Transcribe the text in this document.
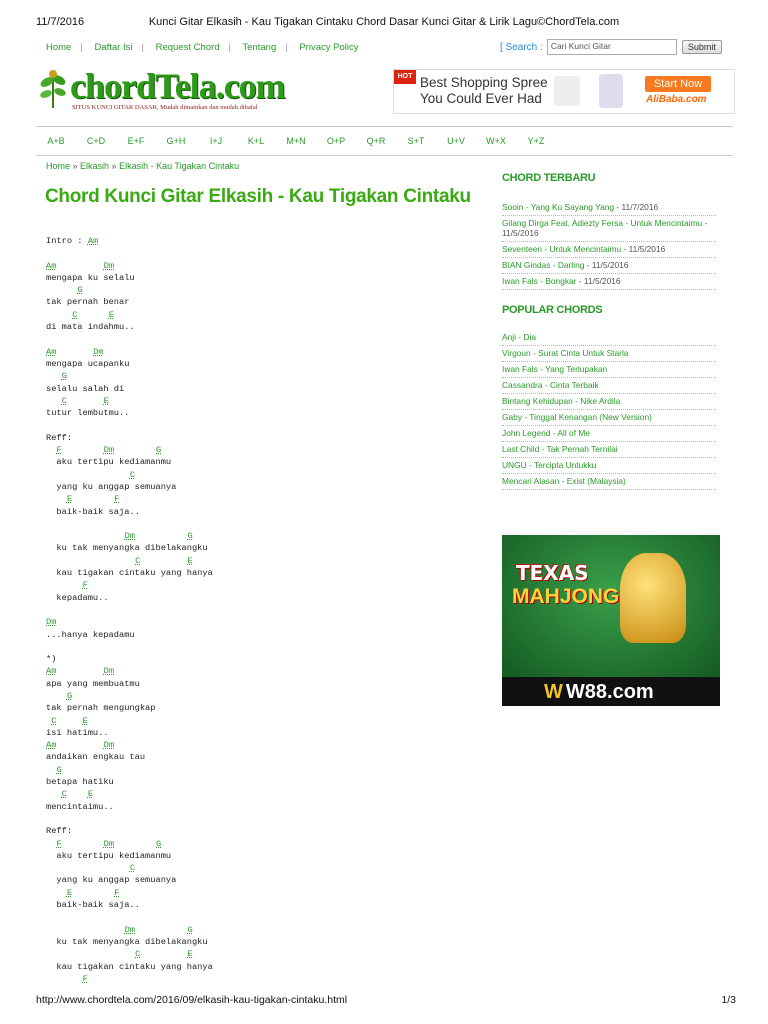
11/7/2016	Kunci Gitar Elkasih - Kau Tigakan Cintaku Chord Dasar Kunci Gitar & Lirik Lagu©ChordTela.com
Home | Daftar Isi | Request Chord | Tentang | Privacy Policy	[ Search : Cari Kunci Gitar	Submit
chordTela.com
SITUS KUNCI GITAR DASAR, Mudah dimainkan dan mudah dihafal
HOT Best Shopping Spree
You Could Ever Had
Start Now
AliBaba.com
A+B C+D E+F G+H	I+J	K+L M+N O+P Q+R S+T	U+V W+X Y+Z
Home » Elkasih » Elkasih - Kau Tigakan Cintaku
Chord Kunci Gitar Elkasih - Kau Tigakan Cintaku
Intro : Am
Am	Dm
mengapa ku selalu
G
tak pernah benar
C	E
di mata indahmu..
Am	Dm
mengapa ucapanku
G
selalu salah di
C	E
tutur lembutmu..
Reff:
F	Dm	G
aku tertipu kediamanmu
C
yang ku anggap semuanya
E	F
baik-baik saja..
Dm	G
ku tak menyangka dibelakangku
C	E
kau tigakan cintaku yang hanya
F
kepadamu..
Dm
...hanya kepadamu
*)
Am	Dm
apa yang membuatmu
G
tak pernah mengungkap
C	E
isi hatimu..
Am	Dm
andaikan engkau tau
G
betapa hatiku
C E
mencintaimu..
Reff:
F	Dm	G
aku tertipu kediamanmu
C
yang ku anggap semuanya
E	F
baik-baik saja..
Dm	G
ku tak menyangka dibelakangku
C	E
kau tigakan cintaku yang hanya
F
CHORD TERBARU
Sooin - Yang Ku Sayang Yang - 11/7/2016
Gilang Dirga Feat. Adiezty Fersa - Untuk Mencintaimu - 11/5/2016
Seventeen - Untuk Mencintaimu - 11/5/2016
BIAN Gindas - Darling - 11/5/2016
Iwan Fals - Bongkar - 11/5/2016
POPULAR CHORDS
Anji - Dia
Virgoun - Surat Cinta Untuk Starla
Iwan Fals - Yang Terlupakan
Cassandra - Cinta Terbaik
Bintang Kehidupan - Nike Ardila
Gaby - Tinggal Kenangan (New Version)
John Legend - All of Me
Last Child - Tak Pernah Ternilai
UNGU - Tercipta Untukku
Mencari Alasan - Exist (Malaysia)
TEXAS
MAHJONG
W W88.com
http://www.chordtela.com/2016/09/elkasih-kau-tigakan-cintaku.html	1/3
